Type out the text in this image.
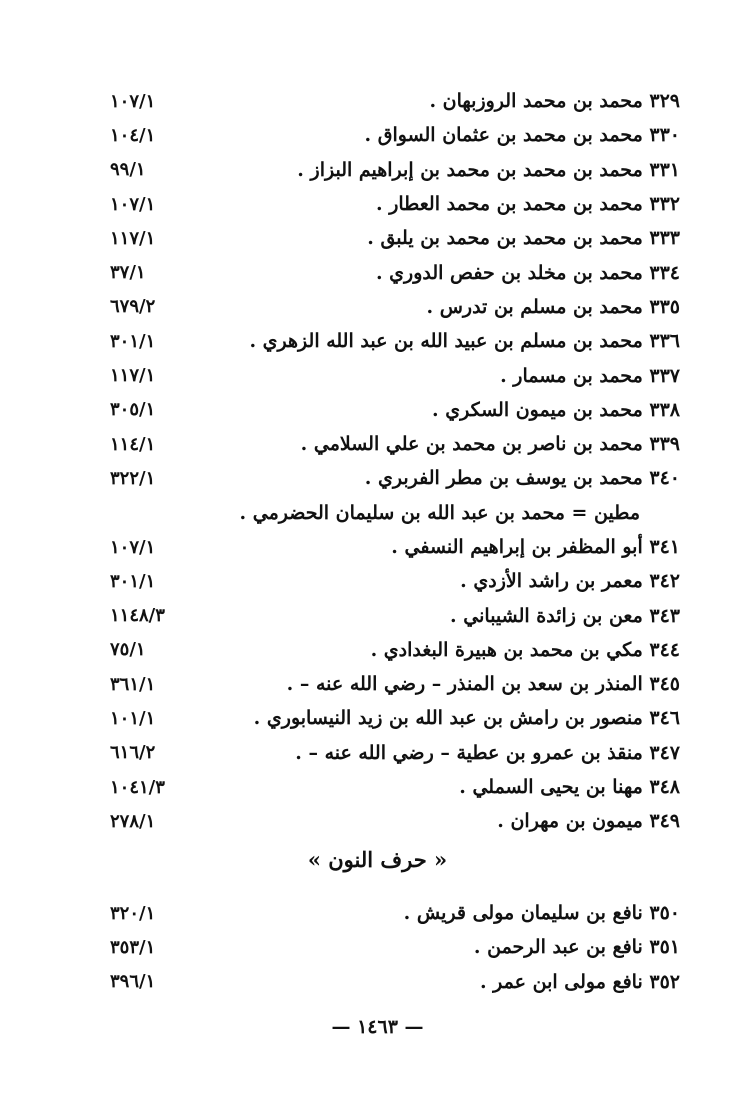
٣٢٩ محمد بن محمد الروزبهان .
١٠٧/١
٣٣٠ محمد بن محمد بن عثمان السواق .
١٠٤/١
٣٣١ محمد بن محمد بن محمد بن إبراهيم البزاز .
٩٩/١
٣٣٢ محمد بن محمد بن محمد العطار .
١٠٧/١
٣٣٣ محمد بن محمد بن محمد بن يلبق .
١١٧/١
٣٣٤ محمد بن مخلد بن حفص الدوري .
٣٧/١
٣٣٥ محمد بن مسلم بن تدرس .
٦٧٩/٢
٣٣٦ محمد بن مسلم بن عبيد الله بن عبد الله الزهري .
٣٠١/١
٣٣٧ محمد بن مسمار .
١١٧/١
٣٣٨ محمد بن ميمون السكري .
٣٠٥/١
٣٣٩ محمد بن ناصر بن محمد بن علي السلامي .
١١٤/١
٣٤٠ محمد بن يوسف بن مطر الفربري .
٣٢٢/١
مطين = محمد بن عبد الله بن سليمان الحضرمي .
٣٤١ أبو المظفر بن إبراهيم النسفي .
١٠٧/١
٣٤٢ معمر بن راشد الأزدي .
٣٠١/١
٣٤٣ معن بن زائدة الشيباني .
١١٤٨/٣
٣٤٤ مكي بن محمد بن هبيرة البغدادي .
٧٥/١
٣٤٥ المنذر بن سعد بن المنذر – رضي الله عنه – .
٣٦١/١
٣٤٦ منصور بن رامش بن عبد الله بن زيد النيسابوري .
١٠١/١
٣٤٧ منقذ بن عمرو بن عطية – رضي الله عنه – .
٦١٦/٢
٣٤٨ مهنا بن يحيى السملي .
١٠٤١/٣
٣٤٩ ميمون بن مهران .
٢٧٨/١
« حرف النون »
٣٥٠ نافع بن سليمان مولى قريش .
٣٢٠/١
٣٥١ نافع بن عبد الرحمن .
٣٥٣/١
٣٥٢ نافع مولى ابن عمر .
٣٩٦/١
— ١٤٦٣ —
